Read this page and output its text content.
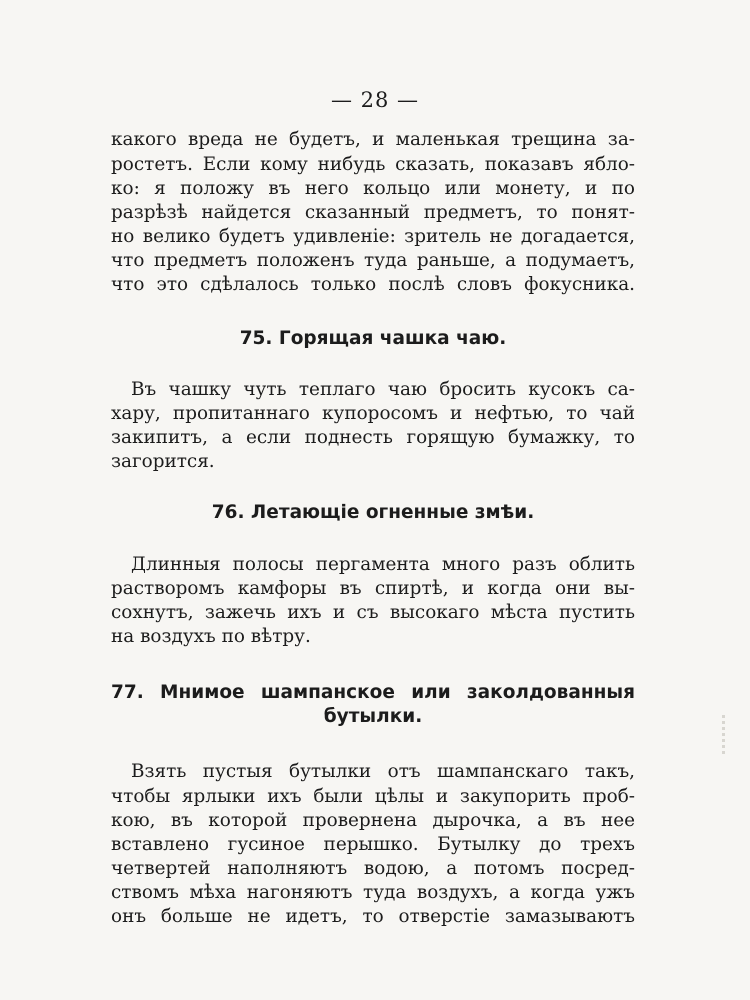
— 28 —
какого вреда не будетъ, и маленькая трещина за-
ростетъ. Если кому нибудь сказать, показавъ ябло-
ко: я положу въ него кольцо или монету, и по
разрѣзѣ найдется сказанный предметъ, то понят-
но велико будетъ удивленіе: зритель не догадается,
что предметъ положенъ туда раньше, а подумаетъ,
что это сдѣлалось только послѣ словъ фокусника.
75. Горящая чашка чаю.
Въ чашку чуть теплаго чаю бросить кусокъ са-
хару, пропитаннаго купоросомъ и нефтью, то чай
закипитъ, а если поднесть горящую бумажку, то
загорится.
76. Летающіе огненные змѣи.
Длинныя полосы пергамента много разъ облить
растворомъ камфоры въ спиртѣ, и когда они вы-
сохнутъ, зажечь ихъ и съ высокаго мѣста пустить
на воздухъ по вѣтру.
77. Мнимое шампанское или заколдованныя
бутылки.
Взять пустыя бутылки отъ шампанскаго такъ,
чтобы ярлыки ихъ были цѣлы и закупорить проб-
кою, въ которой провернена дырочка, а въ нее
вставлено гусиное перышко. Бутылку до трехъ
четвертей наполняютъ водою, а потомъ посред-
ствомъ мѣха нагоняютъ туда воздухъ, а когда ужъ
онъ больше не идетъ, то отверстіе замазываютъ
